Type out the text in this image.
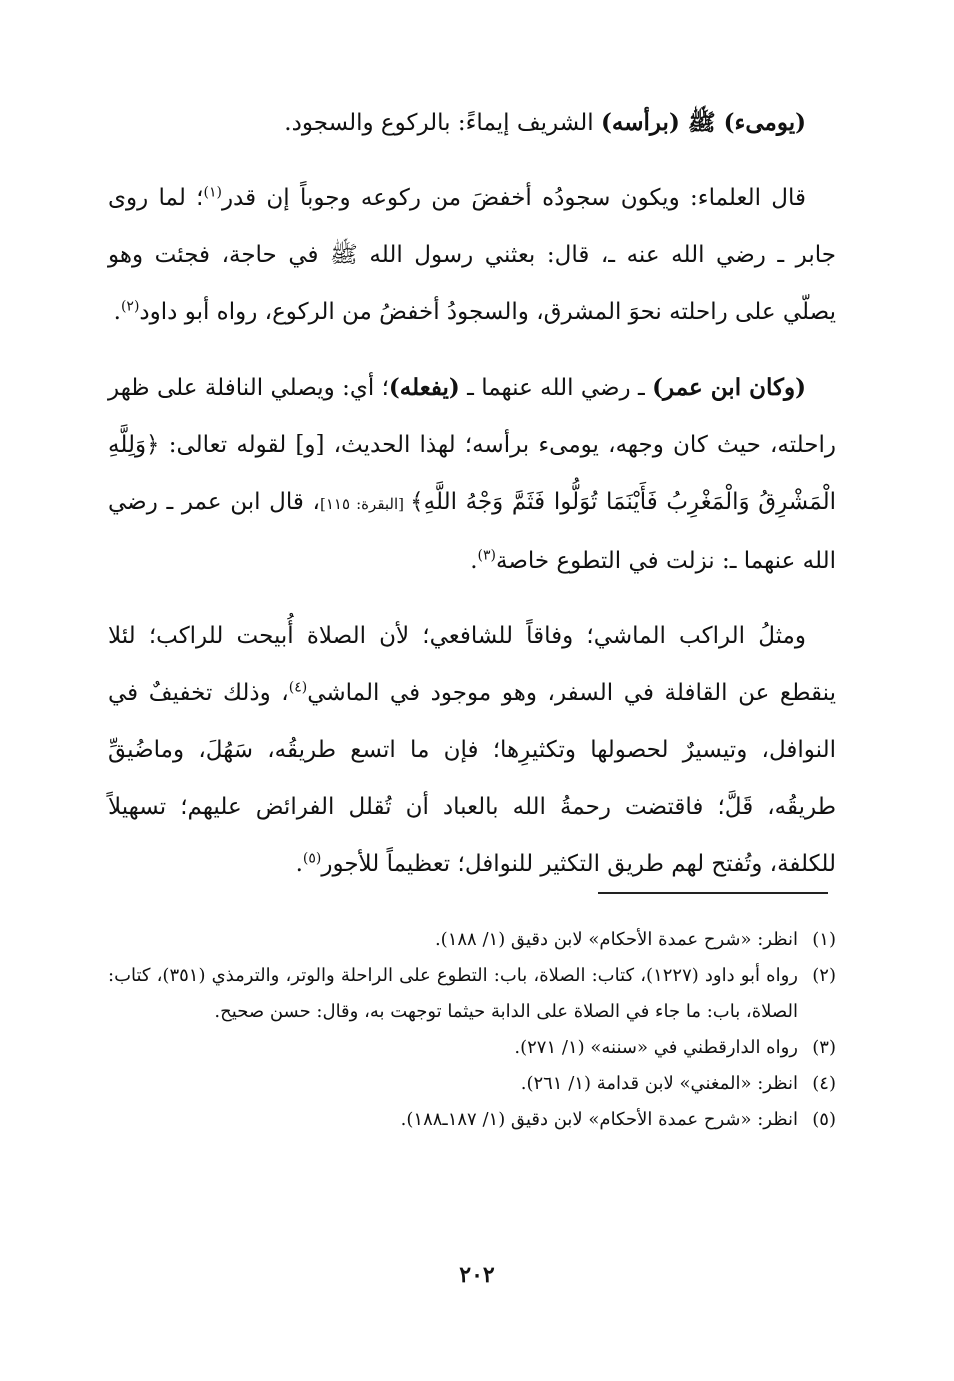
(يومىء) ﷺ (برأسه) الشريف إيماءً: بالركوع والسجود.

قال العلماء: ويكون سجودُه أخفضَ من ركوعه وجوباً إن قدر$^{(١)}$؛ لما روى جابر ـ رضي الله عنه ـ، قال: بعثني رسول الله ﷺ في حاجة، فجئت وهو يصلّي على راحلته نحوَ المشرق، والسجودُ أخفضُ من الركوع، رواه أبو داود$^{(٢)}$.

(وكان ابن عمر) ـ رضي الله عنهما ـ (يفعله)؛ أي: ويصلي النافلة على ظهر راحلته، حيث كان وجهه، يومىء برأسه؛ لهذا الحديث، [و] لقوله تعالى: ﴿وَلِلَّهِ الْمَشْرِقُ وَالْمَغْرِبُ فَأَيْنَمَا تُوَلُّوا فَثَمَّ وَجْهُ اللَّهِ﴾ [البقرة: ١١٥]، قال ابن عمر ـ رضي الله عنهما ـ: نزلت في التطوع خاصة$^{(٣)}$.

ومثلُ الراكب الماشي؛ وفاقاً للشافعي؛ لأن الصلاة أُبيحت للراكب؛ لئلا ينقطع عن القافلة في السفر، وهو موجود في الماشي$^{(٤)}$، وذلك تخفيفٌ في النوافل، وتيسيرٌ لحصولها وتكثيرِها؛ فإن ما اتسع طريقُه، سَهُلَ، وماضُيقِّ طريقُه، قَلَّ؛ فاقتضت رحمةُ الله بالعباد أن تُقلل الفرائض عليهم؛ تسهيلاً للكلفة، وتُفتح لهم طريق التكثير للنوافل؛ تعظيماً للأجور$^{(٥)}$.

(١)
انظر: «شرح عمدة الأحكام» لابن دقيق (١/ ١٨٨).
(٢)
رواه أبو داود (١٢٢٧)، كتاب: الصلاة، باب: التطوع على الراحلة والوتر، والترمذي (٣٥١)، كتاب: الصلاة، باب: ما جاء في الصلاة على الدابة حيثما توجهت به، وقال: حسن صحيح.
(٣)
رواه الدارقطني في «سننه» (١/ ٢٧١).
(٤)
انظر: «المغني» لابن قدامة (١/ ٢٦١).
(٥)
انظر: «شرح عمدة الأحكام» لابن دقيق (١/ ١٨٧ـ١٨٨).
٢٠٢
